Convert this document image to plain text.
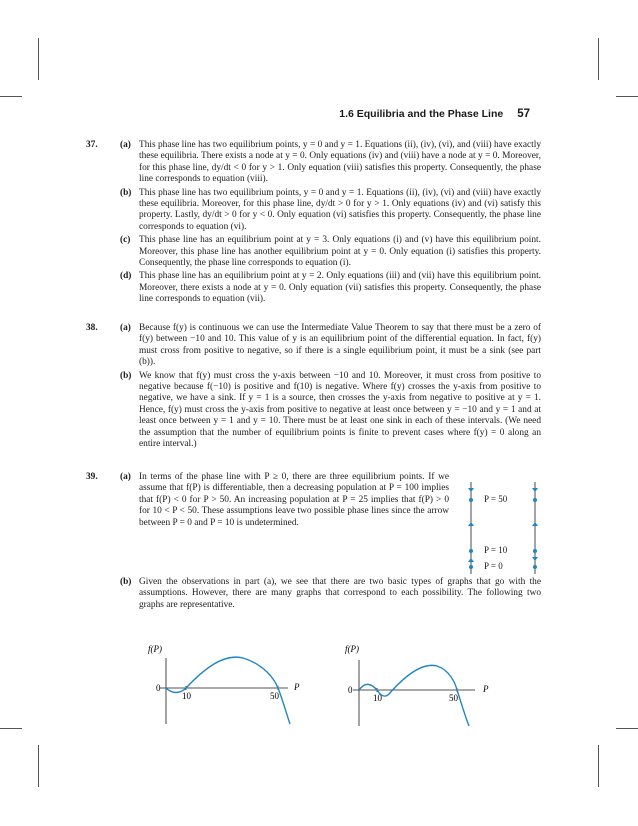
1.6 Equilibria and the Phase Line 57
37. (a) This phase line has two equilibrium points, y = 0 and y = 1. Equations (ii), (iv), (vi), and (viii) have exactly these equilibria. There exists a node at y = 0. Only equations (iv) and (viii) have a node at y = 0. Moreover, for this phase line, dy/dt < 0 for y > 1. Only equation (viii) satisfies this property. Consequently, the phase line corresponds to equation (viii).
(b) This phase line has two equilibrium points, y = 0 and y = 1. Equations (ii), (iv), (vi) and (viii) have exactly these equilibria. Moreover, for this phase line, dy/dt > 0 for y > 1. Only equations (iv) and (vi) satisfy this property. Lastly, dy/dt > 0 for y < 0. Only equation (vi) satisfies this property. Consequently, the phase line corresponds to equation (vi).
(c) This phase line has an equilibrium point at y = 3. Only equations (i) and (v) have this equilibrium point. Moreover, this phase line has another equilibrium point at y = 0. Only equation (i) satisfies this property. Consequently, the phase line corresponds to equation (i).
(d) This phase line has an equilibrium point at y = 2. Only equations (iii) and (vii) have this equilibrium point. Moreover, there exists a node at y = 0. Only equation (vii) satisfies this property. Consequently, the phase line corresponds to equation (vii).
38. (a) Because f(y) is continuous we can use the Intermediate Value Theorem to say that there must be a zero of f(y) between −10 and 10. This value of y is an equilibrium point of the differential equation. In fact, f(y) must cross from positive to negative, so if there is a single equilibrium point, it must be a sink (see part (b)).
(b) We know that f(y) must cross the y-axis between −10 and 10. Moreover, it must cross from positive to negative because f(−10) is positive and f(10) is negative. Where f(y) crosses the y-axis from positive to negative, we have a sink. If y = 1 is a source, then crosses the y-axis from negative to positive at y = 1. Hence, f(y) must cross the y-axis from positive to negative at least once between y = −10 and y = 1 and at least once between y = 1 and y = 10. There must be at least one sink in each of these intervals. (We need the assumption that the number of equilibrium points is finite to prevent cases where f(y) = 0 along an entire interval.)
39. (a) In terms of the phase line with P ≥ 0, there are three equilibrium points. If we assume that f(P) is differentiable, then a decreasing population at P = 100 implies that f(P) < 0 for P > 50. An increasing population at P = 25 implies that f(P) > 0 for 10 < P < 50. These assumptions leave two possible phase lines since the arrow between P = 0 and P = 10 is undetermined.
(b) Given the observations in part (a), we see that there are two basic types of graphs that go with the assumptions. However, there are many graphs that correspond to each possibility. The following two graphs are representative.
P = 50
P = 10
P = 0
f(P)
P
0
10	50
f(P)
P
0
10	50
